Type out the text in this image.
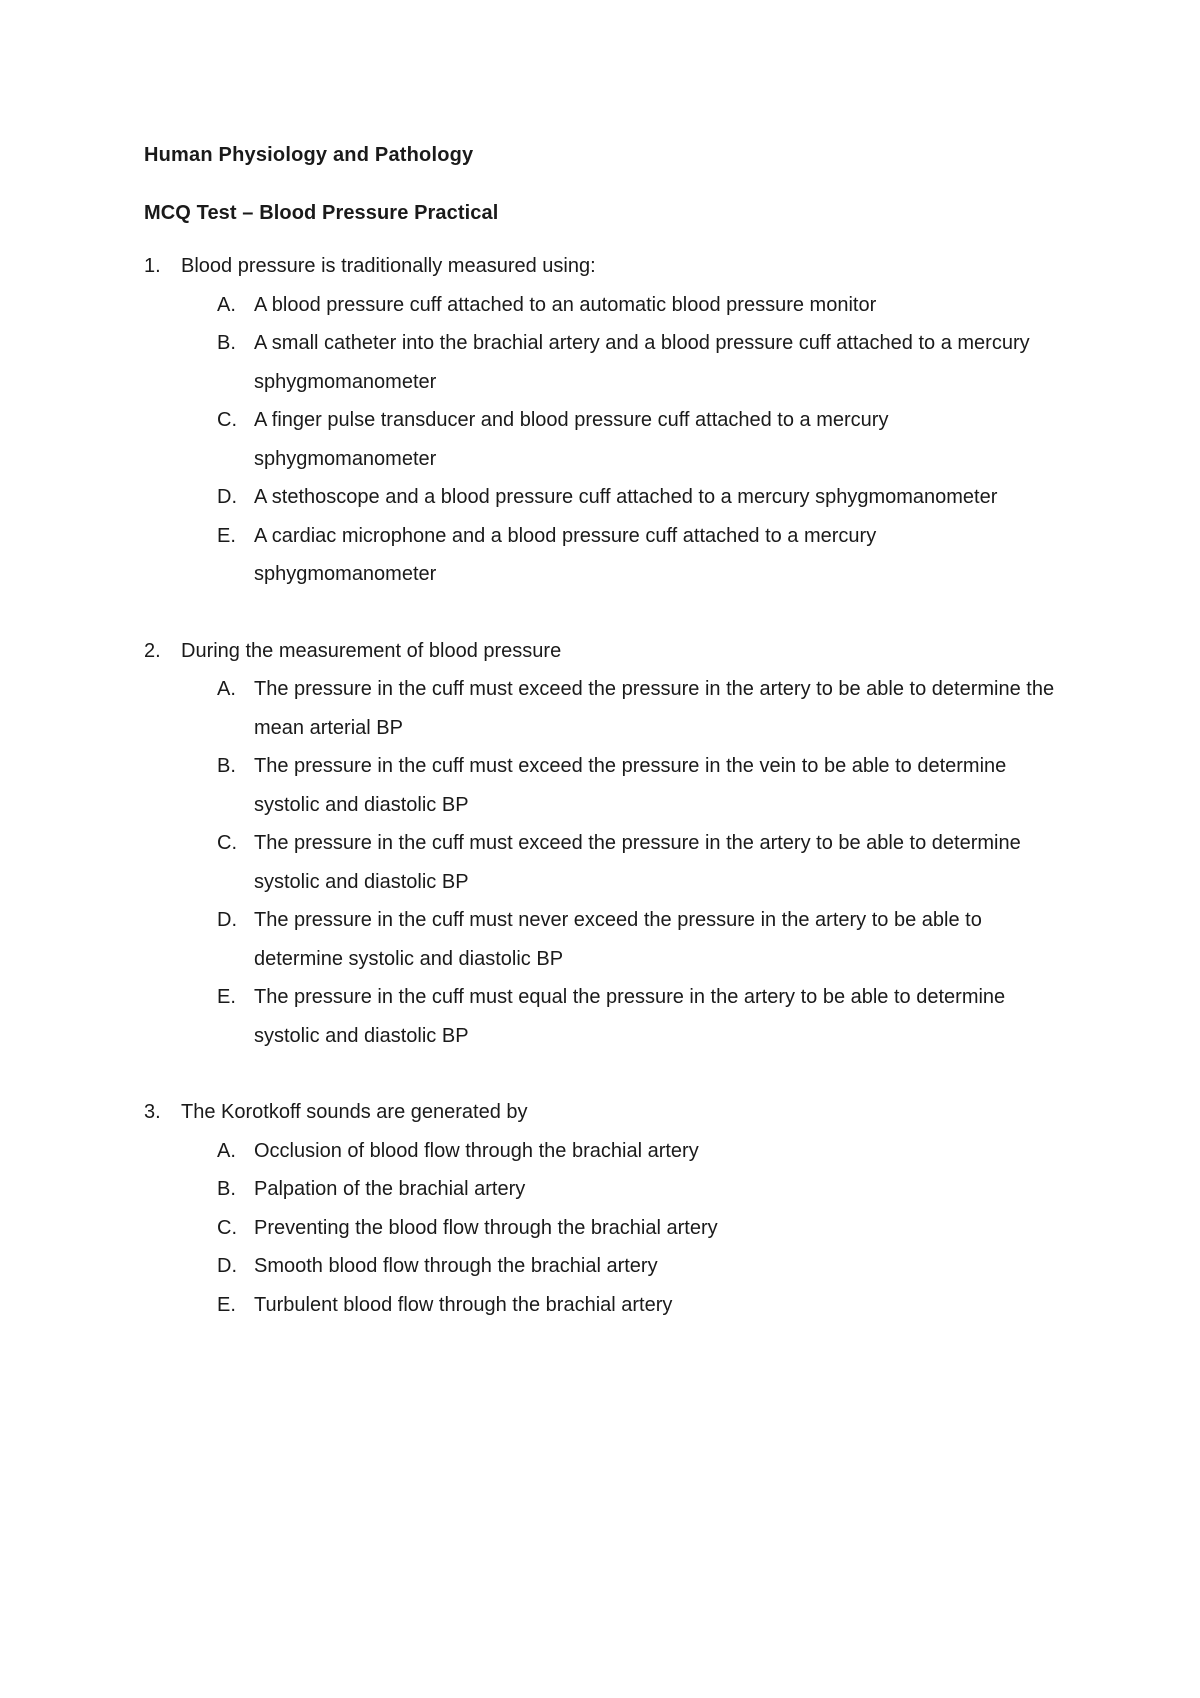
Human Physiology and Pathology
MCQ Test – Blood Pressure Practical
1.	Blood pressure is traditionally measured using:
A. A blood pressure cuff attached to an automatic blood pressure monitor
B. A small catheter into the brachial artery and a blood pressure cuff attached to a mercury sphygmomanometer
C. A finger pulse transducer and blood pressure cuff attached to a mercury sphygmomanometer
D. A stethoscope and a blood pressure cuff attached to a mercury sphygmomanometer
E. A cardiac microphone and a blood pressure cuff attached to a mercury sphygmomanometer
2.	During the measurement of blood pressure
A. The pressure in the cuff must exceed the pressure in the artery to be able to determine the mean arterial BP
B. The pressure in the cuff must exceed the pressure in the vein to be able to determine systolic and diastolic BP
C. The pressure in the cuff must exceed the pressure in the artery to be able to determine systolic and diastolic BP
D. The pressure in the cuff must never exceed the pressure in the artery to be able to determine systolic and diastolic BP
E. The pressure in the cuff must equal the pressure in the artery to be able to determine systolic and diastolic BP
3.	The Korotkoff sounds are generated by
A. Occlusion of blood flow through the brachial artery
B. Palpation of the brachial artery
C. Preventing the blood flow through the brachial artery
D. Smooth blood flow through the brachial artery
E. Turbulent blood flow through the brachial artery
